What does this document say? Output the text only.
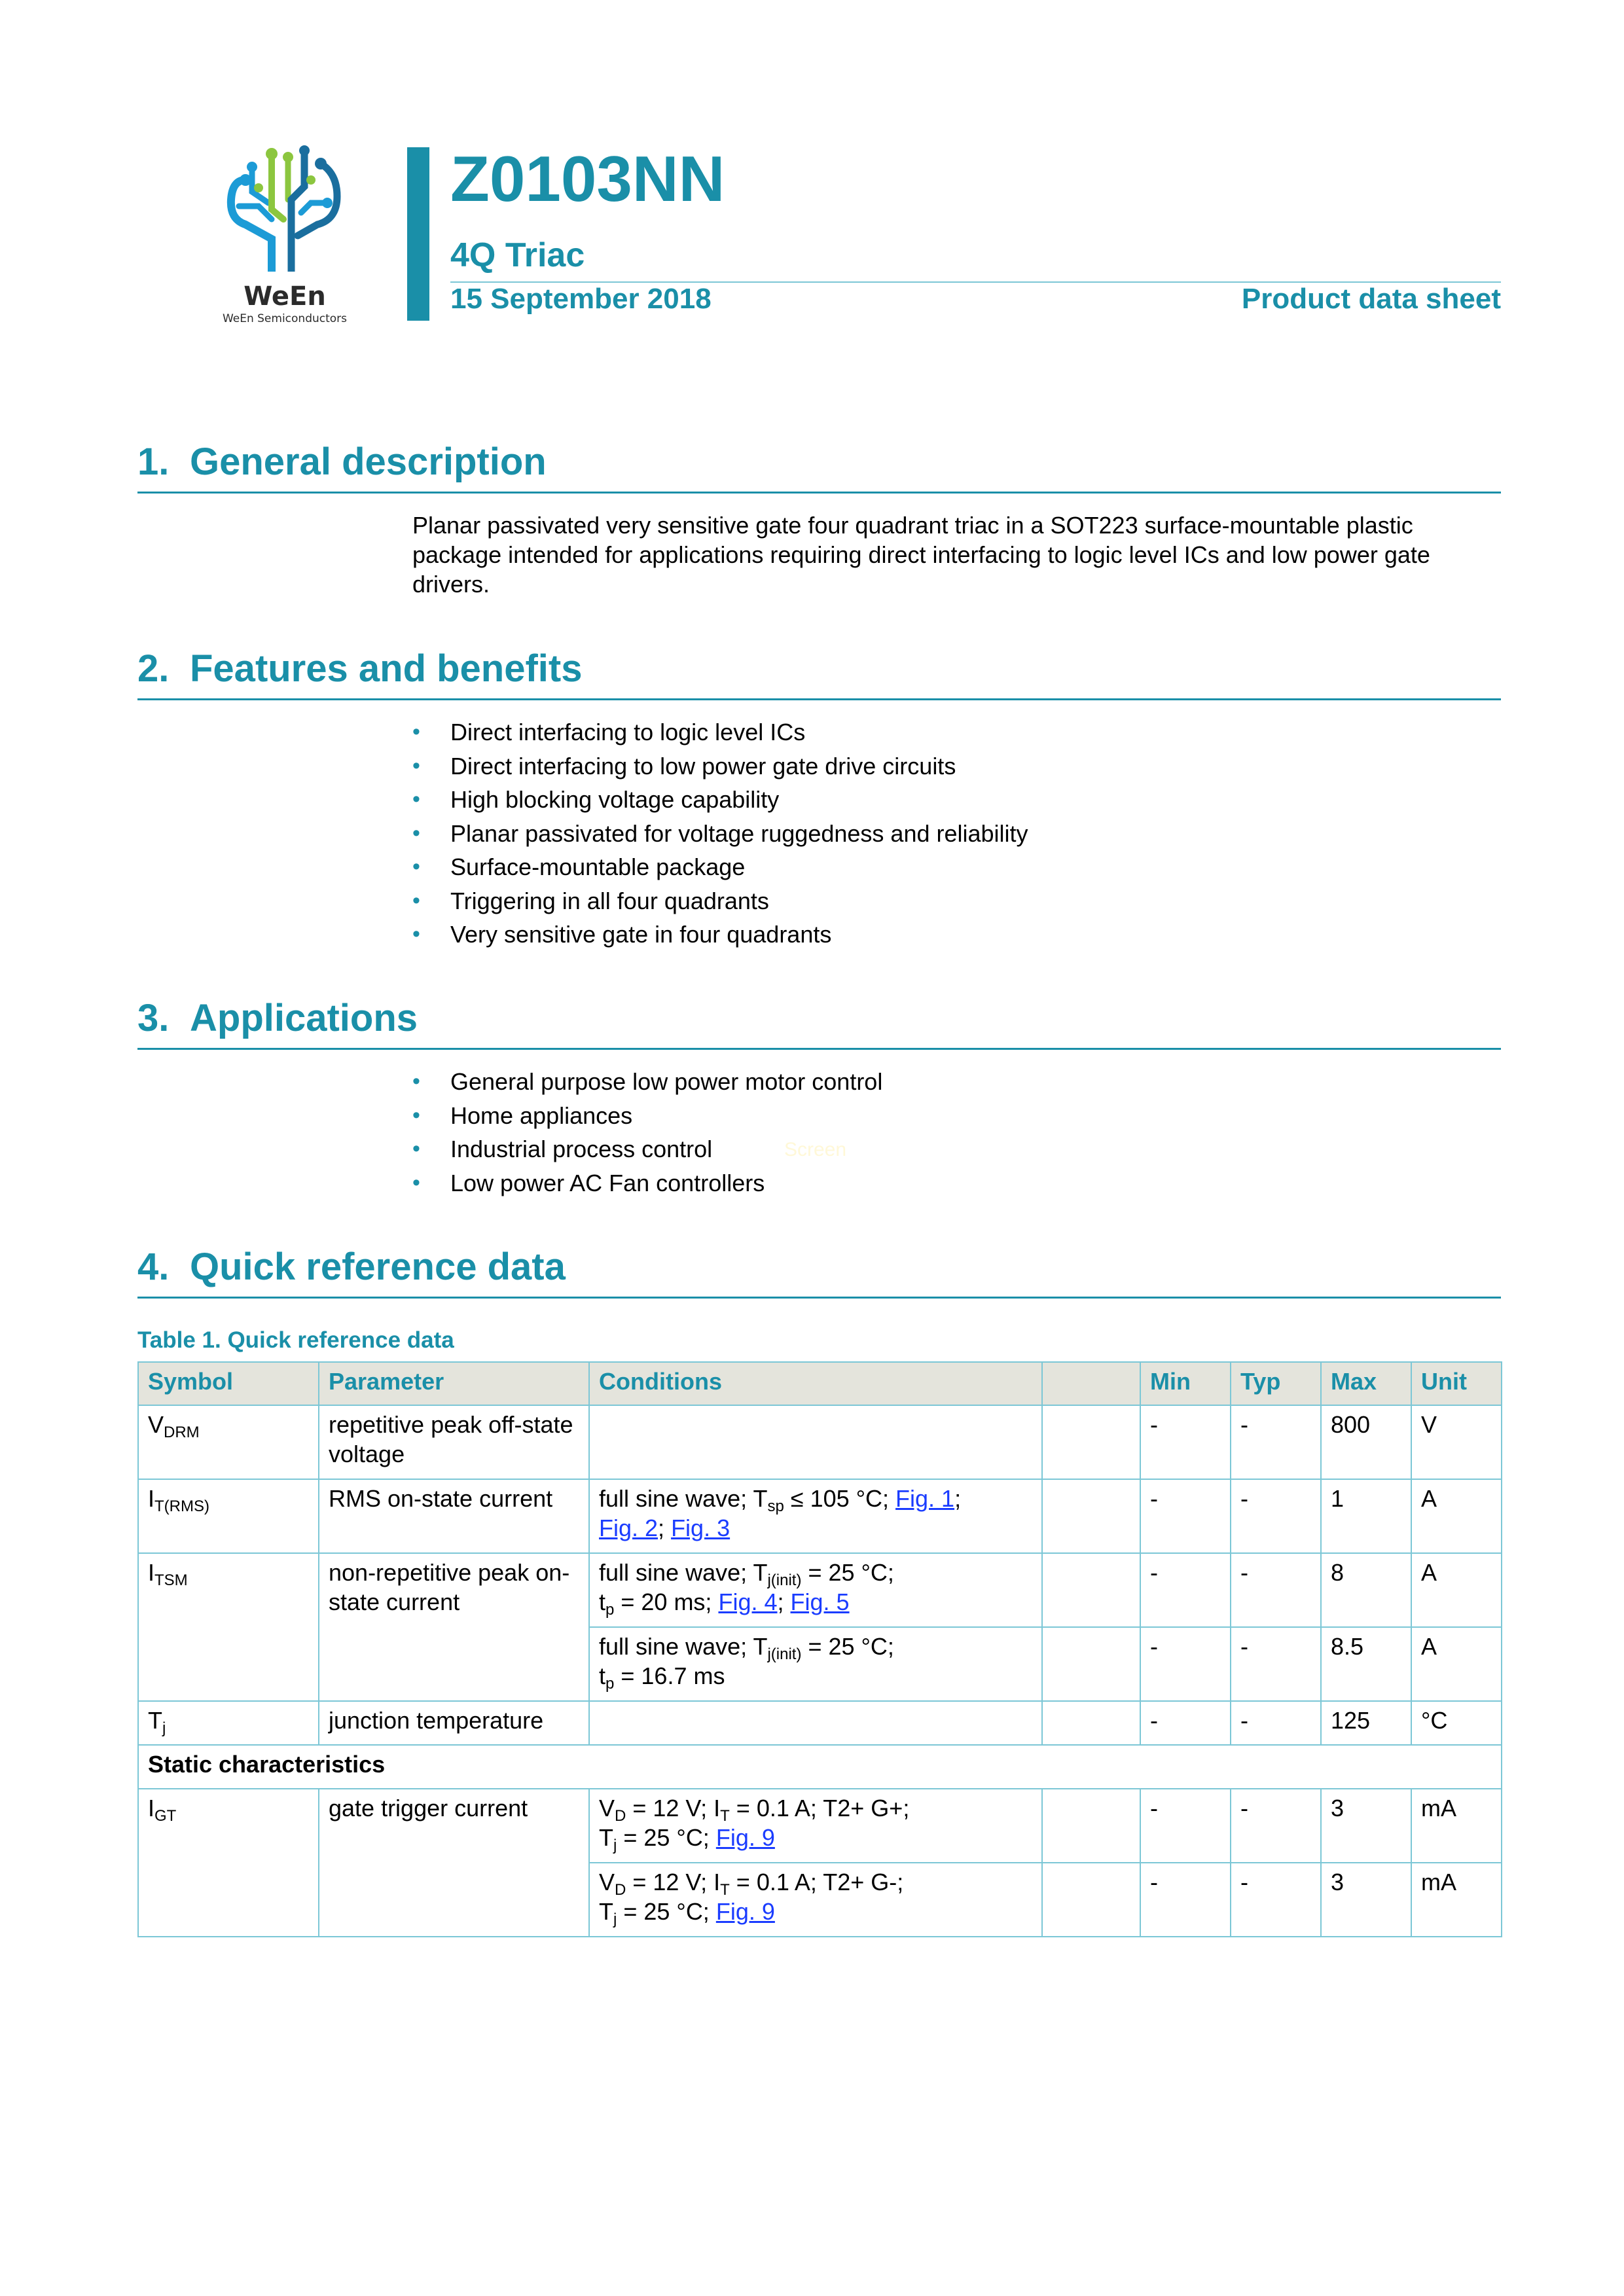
WeEn
WeEn Semiconductors
Z0103NN
4Q Triac
15 September 2018	Product data sheet
1. General description
Planar passivated very sensitive gate four quadrant triac in a SOT223 surface-mountable plastic package intended for applications requiring direct interfacing to logic level ICs and low power gate drivers.
2. Features and benefits
• Direct interfacing to logic level ICs
• Direct interfacing to low power gate drive circuits
• High blocking voltage capability
• Planar passivated for voltage ruggedness and reliability
• Surface-mountable package
• Triggering in all four quadrants
• Very sensitive gate in four quadrants
3. Applications
• General purpose low power motor control
• Home appliances
• Industrial process control
• Low power AC Fan controllers
Screen
4. Quick reference data
Table 1. Quick reference data
Symbol	Parameter	Conditions		Min	Typ	Max	Unit
$V_{DRM}$	repetitive peak off-state voltage			-	-	800	V
$I_{T(RMS)}$	RMS on-state current	full sine wave; $T_{sp} \le 105$ °C; Fig. 1;
Fig. 2; Fig. 3		-	-	1	A
$I_{TSM}$	non-repetitive peak on-state current	full sine wave; $T_{j(init)} = 25$ °C;
$t_p = 20$ ms; Fig. 4; Fig. 5		-	-	8	A
		full sine wave; $T_{j(init)} = 25$ °C;
$t_p = 16.7$ ms		-	-	8.5	A
$T_j$	junction temperature			-	-	125	°C
Static characteristics							
$I_{GT}$	gate trigger current	$V_D = 12$ V; $I_T = 0.1$ A; T2+ G+;
$T_j = 25$ °C; Fig. 9		-	-	3	mA
		$V_D = 12$ V; $I_T = 0.1$ A; T2+ G-;
$T_j = 25$ °C; Fig. 9		-	-	3	mA
